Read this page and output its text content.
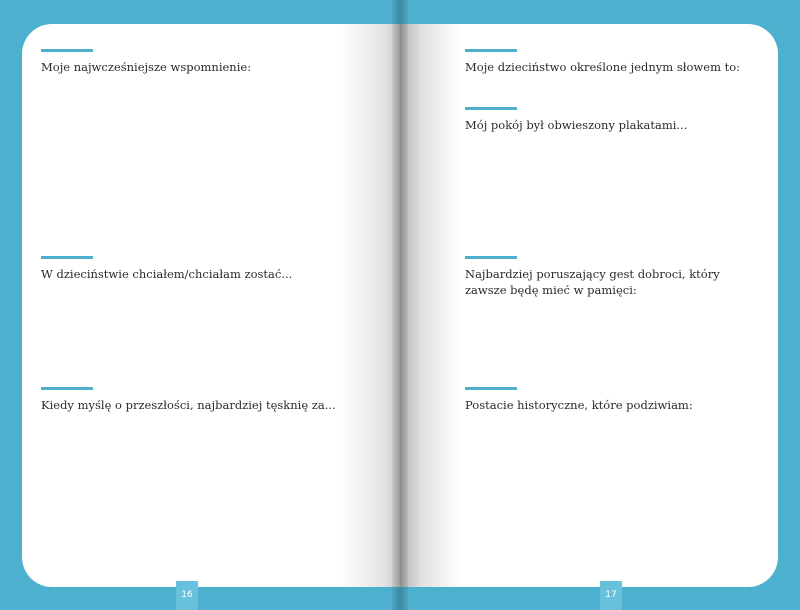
Moje najwcześniejsze wspomnienie:
W dzieciństwie chciałem/chciałam zostać...
Kiedy myślę o przeszłości, najbardziej tęsknię za...
Moje dzieciństwo określone jednym słowem to:
Mój pokój był obwieszony plakatami...
Najbardziej poruszający gest dobroci, który zawsze będę mieć w pamięci:
Postacie historyczne, które podziwiam:
16	17
